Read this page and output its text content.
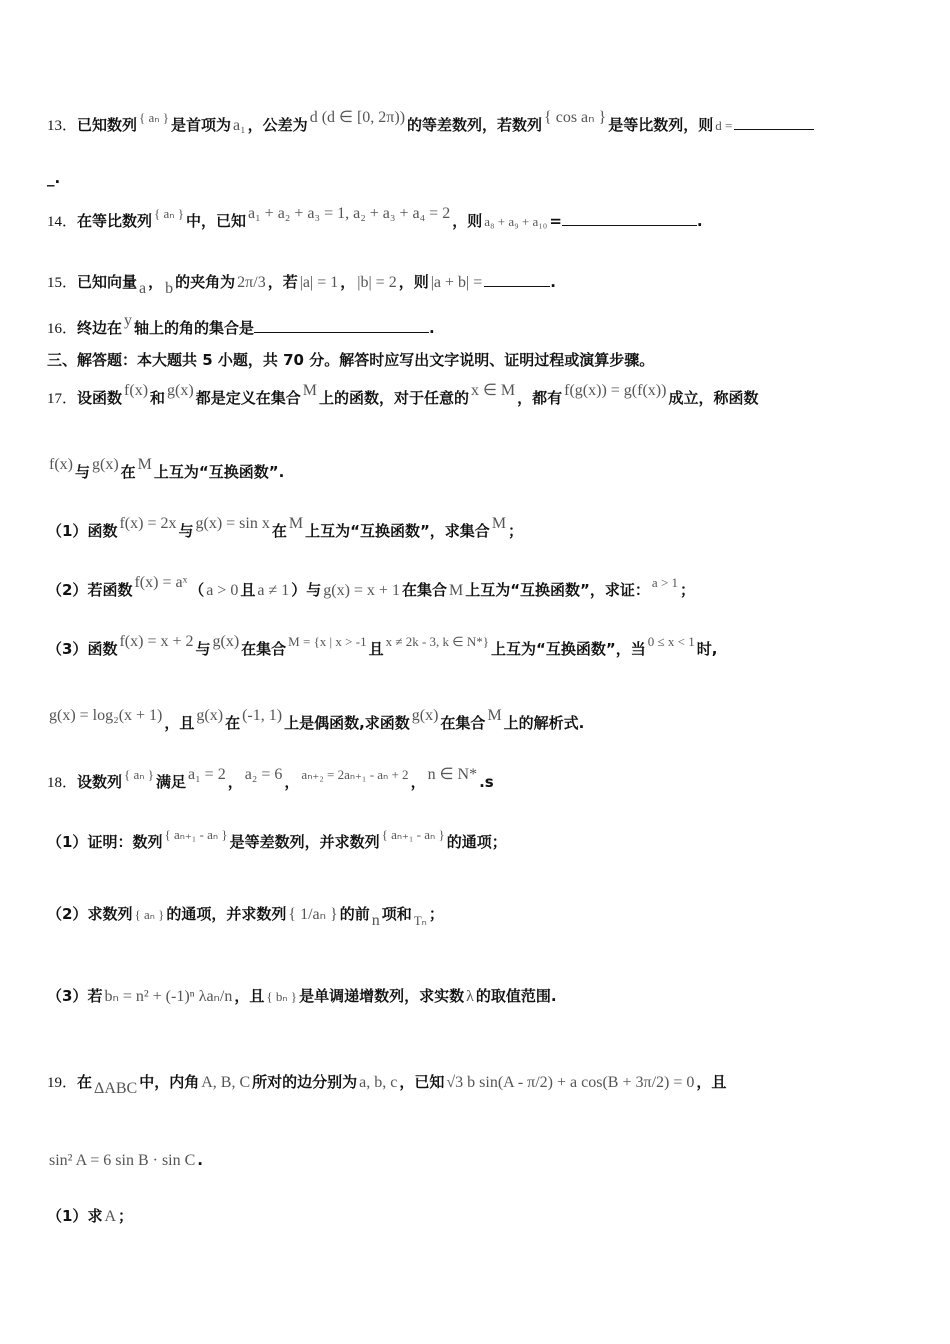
13．已知数列 { aₙ } 是首项为 a₁ ，公差为 d (d ∈ [0, 2π)) 的等差数列，若数列 { cos aₙ } 是等比数列，则 d =
_.
14．在等比数列 { aₙ } 中，已知 a₁ + a₂ + a₃ = 1, a₂ + a₃ + a₄ = 2 ，则 a₈ + a₉ + a₁₀ =	.
15．已知向量 a ， b 的夹角为 2π/3 ，若 |a| = 1 ， |b| = 2 ，则 |a + b| =	.
16．终边在 y 轴上的角的集合是	.
三、解答题：本大题共 5 小题，共 70 分。解答时应写出文字说明、证明过程或演算步骤。
17．设函数 f(x) 和 g(x) 都是定义在集合 M 上的函数，对于任意的 x ∈ M ，都有 f(g(x)) = g(f(x)) 成立，称函数
f(x) 与 g(x) 在 M 上互为“互换函数”.
（1）函数 f(x) = 2x 与 g(x) = sin x 在 M 上互为“互换函数”，求集合 M ；
（2）若函数 f(x) = aˣ （ a > 0 且 a ≠ 1 ）与 g(x) = x + 1 在集合 M 上互为“互换函数”，求证： a > 1 ；
（3）函数 f(x) = x + 2 与 g(x) 在集合 M = {x | x > -1 且 x ≠ 2k - 3, k ∈ N*} 上互为“互换函数”，当 0 ≤ x < 1 时,
g(x) = log₂(x + 1) ，且 g(x) 在 (-1, 1) 上是偶函数,求函数 g(x) 在集合 M 上的解析式.
18．设数列 { aₙ } 满足 a₁ = 2 ， a₂ = 6 ， aₙ₊₂ = 2aₙ₊₁ - aₙ + 2 ， n ∈ N* .s
（1）证明：数列 { aₙ₊₁ - aₙ } 是等差数列，并求数列 { aₙ₊₁ - aₙ } 的通项；
（2）求数列 { aₙ } 的通项，并求数列 { 1/aₙ } 的前 n 项和 Tₙ ；
（3）若 bₙ = n² + (-1)ⁿ λaₙ/n ，且 { bₙ } 是单调递增数列，求实数 λ 的取值范围.
19．在 ΔABC 中，内角 A, B, C 所对的边分别为 a, b, c ，已知 √3 b sin(A - π/2) + a cos(B + 3π/2) = 0 ，且
sin² A = 6 sin B · sin C .
（1）求 A ；
